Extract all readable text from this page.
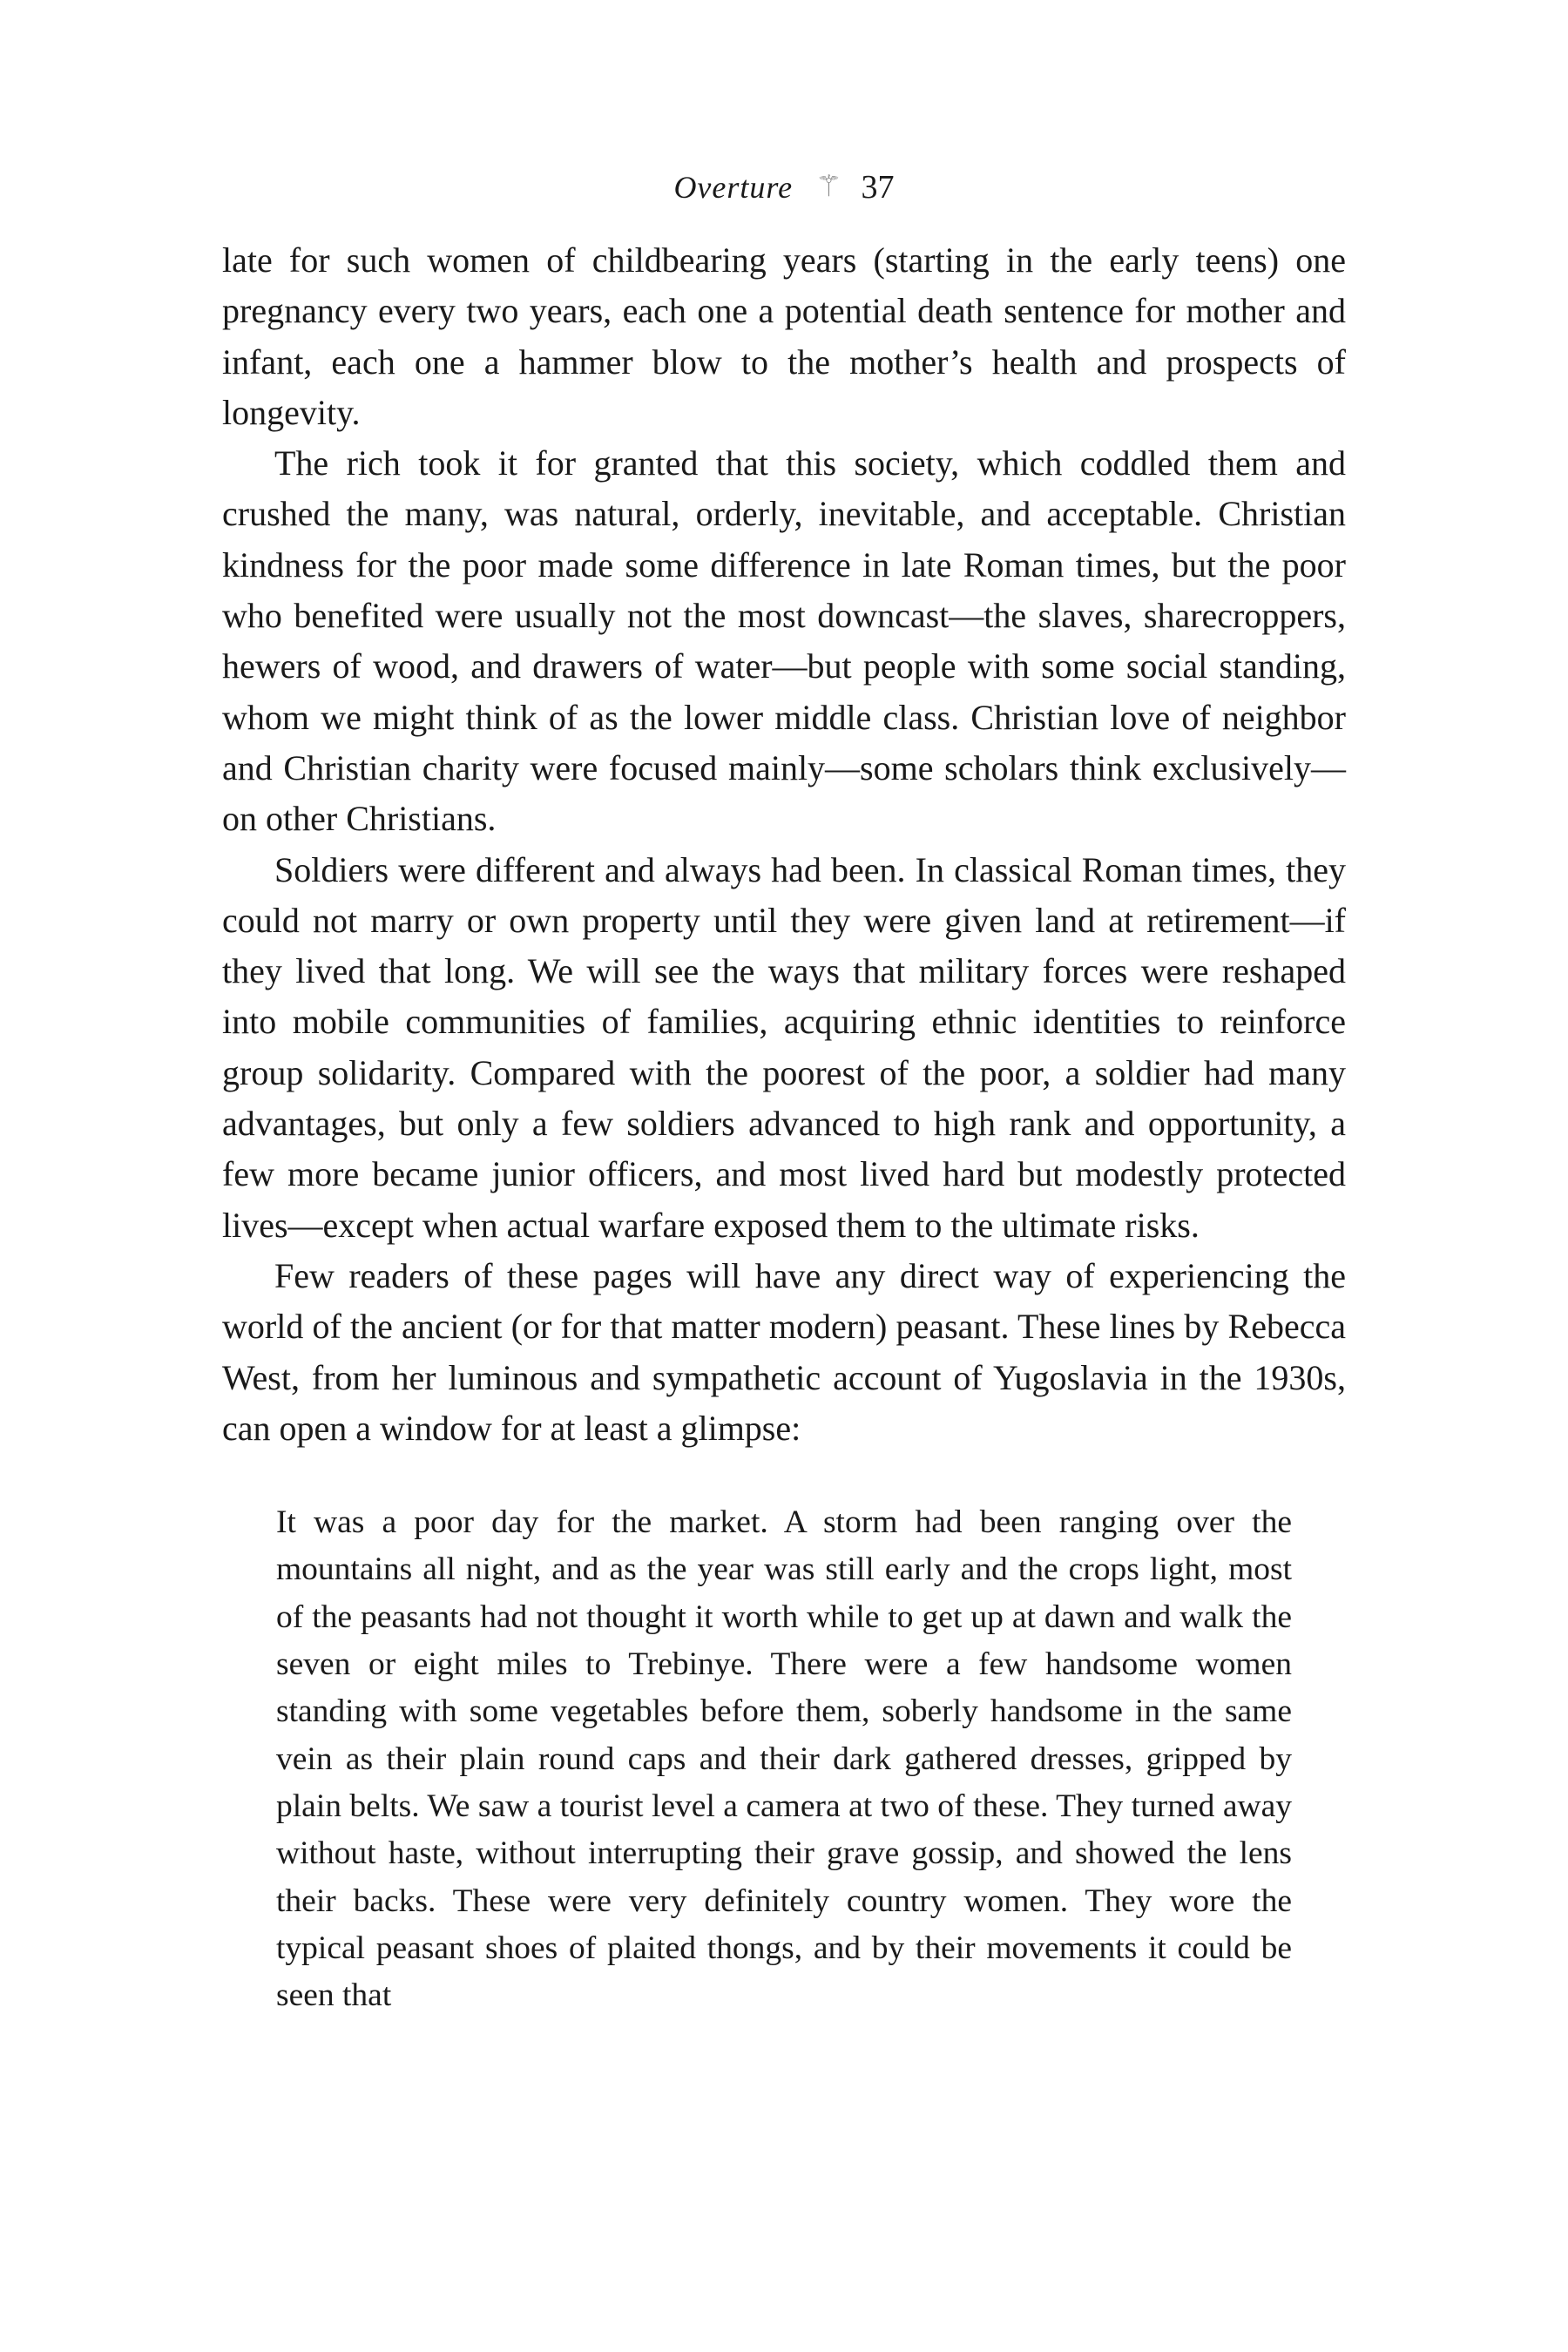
Overture ⚚ 37

late for such women of childbearing years (starting in the early teens) one pregnancy every two years, each one a potential death sentence for mother and infant, each one a hammer blow to the mother’s health and prospects of longevity.

The rich took it for granted that this society, which coddled them and crushed the many, was natural, orderly, inevitable, and acceptable. Christian kindness for the poor made some difference in late Roman times, but the poor who benefited were usually not the most downcast—the slaves, sharecroppers, hewers of wood, and drawers of water—but people with some social standing, whom we might think of as the lower middle class. Christian love of neighbor and Christian charity were focused mainly—some scholars think exclusively—on other Christians.

Soldiers were different and always had been. In classical Roman times, they could not marry or own property until they were given land at retirement—if they lived that long. We will see the ways that military forces were reshaped into mobile communities of families, acquiring ethnic identities to reinforce group solidarity. Compared with the poorest of the poor, a soldier had many advantages, but only a few soldiers advanced to high rank and opportunity, a few more became junior officers, and most lived hard but modestly protected lives—except when actual warfare exposed them to the ultimate risks.

Few readers of these pages will have any direct way of experiencing the world of the ancient (or for that matter modern) peasant. These lines by Rebecca West, from her luminous and sympathetic account of Yugoslavia in the 1930s, can open a window for at least a glimpse:

It was a poor day for the market. A storm had been ranging over the mountains all night, and as the year was still early and the crops light, most of the peasants had not thought it worth while to get up at dawn and walk the seven or eight miles to Trebinye. There were a few handsome women standing with some vegetables before them, soberly handsome in the same vein as their plain round caps and their dark gathered dresses, gripped by plain belts. We saw a tourist level a camera at two of these. They turned away without haste, without interrupting their grave gossip, and showed the lens their backs. These were very definitely country women. They wore the typical peasant shoes of plaited thongs, and by their movements it could be seen that
